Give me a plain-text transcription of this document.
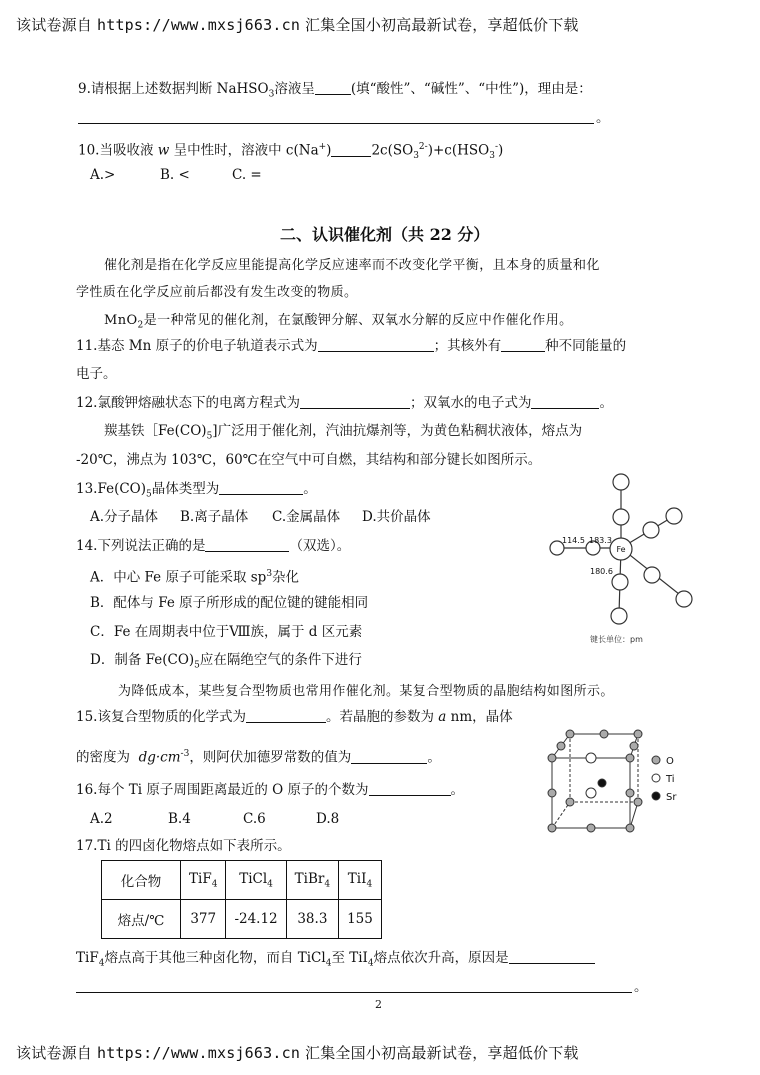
该试卷源自 https://www.mxsj663.cn 汇集全国小初高最新试卷，享超低价下载
9.请根据上述数据判断 NaHSO$_3$溶液呈	(填“酸性”、“碱性”、“中性”)，理由是：
。
10.当吸收液 w 呈中性时，溶液中 c(Na+)	$2c(SO_3^{2-})+c(HSO_3^-)$
A.>	B. <	C. =
二、认识催化剂（共 22 分）
催化剂是指在化学反应里能提高化学反应速率而不改变化学平衡，且本身的质量和化
学性质在化学反应前后都没有发生改变的物质。
MnO$_2$是一种常见的催化剂，在氯酸钾分解、双氧水分解的反应中作催化作用。
11.基态 Mn 原子的价电子轨道表示式为	；其核外有	种不同能量的
电子。
12.氯酸钾熔融状态下的电离方程式为	；双氧水的电子式为	。
羰基铁$[Fe(CO)_5$]广泛用于催化剂，汽油抗爆剂等，为黄色粘稠状液体，熔点为
-20℃，沸点为 103℃，60℃在空气中可自燃，其结构和部分键长如图所示。
$13.Fe(CO)_5$晶体类型为	。
A.分子晶体 B.离子晶体 C.金属晶体 D.共价晶体
14.下列说法正确的是	（双选）。
A．中心 Fe 原子可能采取 $sp^3$杂化
B．配体与 Fe 原子所形成的配位键的键能相同
C．Fe 在周期表中位于Ⅷ族，属于 d 区元素
D．制备 $Fe(CO)_5$应在隔绝空气的条件下进行
Fe
114.5 183.3
180.6
键长单位：pm
为降低成本，某些复合型物质也常用作催化剂。某复合型物质的晶胞结构如图所示。
15.该复合型物质的化学式为	。若晶胞的参数为 a nm，晶体
的密度为 $dg\cdot cm^{-3}$，则阿伏加德罗常数的值为	。	O
Ti
Sr
16.每个 Ti 原子周围距离最近的 O 原子的个数为	。
A.2	B.4	C.6	D.8
17.Ti 的四卤化物熔点如下表所示。
化合物	TiF$_4$	TiCl$_4$	TiBr$_4$	TiI$_4$
熔点/℃	377	-24.12	38.3	155
TiF$_4$熔点高于其他三种卤化物，而自 TiCl$_4$至 TiI$_4$熔点依次升高，原因是
。
2
该试卷源自 https://www.mxsj663.cn 汇集全国小初高最新试卷，享超低价下载
